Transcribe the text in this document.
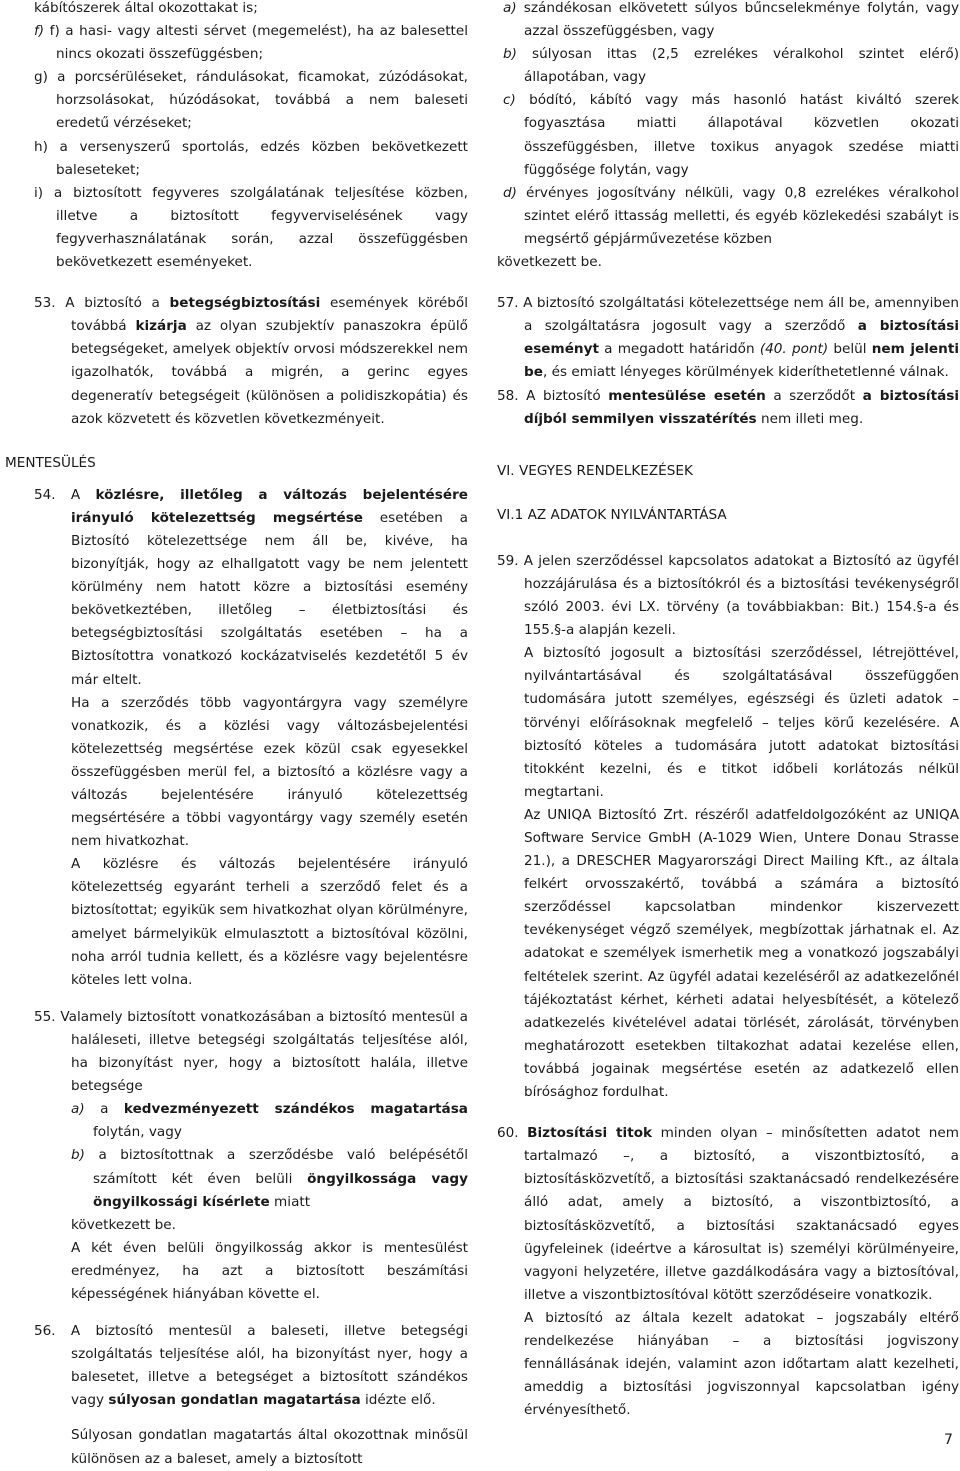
kábítószerek által okozottakat is;

f) f) a hasi- vagy altesti sérvet (megemelést), ha az balesettel nincs okozati összefüggésben;

g) a porcsérüléseket, rándulásokat, ficamokat, zúzódásokat, horzsolásokat, húzódásokat, továbbá a nem baleseti eredetű vérzéseket;

h) a versenyszerű sportolás, edzés közben bekövetkezett baleseteket;

i) a biztosított fegyveres szolgálatának teljesítése közben, illetve a biztosított fegyverviselésének vagy fegyverhasználatának során, azzal összefüggésben bekövetkezett eseményeket.

53. A biztosító a betegségbiztosítási események köréből továbbá kizárja az olyan szubjektív panaszokra épülő betegségeket, amelyek objektív orvosi módszerekkel nem igazolhatók, továbbá a migrén, a gerinc egyes degeneratív betegségeit (különösen a polidiszkopátia) és azok közvetett és közvetlen következményeit.

MENTESÜLÉS

54. A közlésre, illetőleg a változás bejelentésére irányuló kötelezettség megsértése esetében a Biztosító kötelezettsége nem áll be, kivéve, ha bizonyítják, hogy az elhallgatott vagy be nem jelentett körülmény nem hatott közre a biztosítási esemény bekövetkeztében, illetőleg – életbiztosítási és betegségbiztosítási szolgáltatás esetében – ha a Biztosítottra vonatkozó kockázatviselés kezdetétől 5 év már eltelt.

Ha a szerződés több vagyontárgyra vagy személyre vonatkozik, és a közlési vagy változásbejelentési kötelezettség megsértése ezek közül csak egyesekkel összefüggésben merül fel, a biztosító a közlésre vagy a változás bejelentésére irányuló kötelezettség megsértésére a többi vagyontárgy vagy személy esetén nem hivatkozhat.

A közlésre és változás bejelentésére irányuló kötelezettség egyaránt terheli a szerződő felet és a biztosítottat; egyikük sem hivatkozhat olyan körülményre, amelyet bármelyikük elmulasztott a biztosítóval közölni, noha arról tudnia kellett, és a közlésre vagy bejelentésre köteles lett volna.

55. Valamely biztosított vonatkozásában a biztosító mentesül a haláleseti, illetve betegségi szolgáltatás teljesítése alól, ha bizonyítást nyer, hogy a biztosított halála, illetve betegsége

a) a kedvezményezett szándékos magatartása folytán, vagy

b) a biztosítottnak a szerződésbe való belépésétől számított két éven belüli öngyilkossága vagy öngyilkossági kísérlete miatt

következett be.

A két éven belüli öngyilkosság akkor is mentesülést eredményez, ha azt a biztosított beszámítási képességének hiányában követte el.

56. A biztosító mentesül a baleseti, illetve betegségi szolgáltatás teljesítése alól, ha bizonyítást nyer, hogy a balesetet, illetve a betegséget a biztosított szándékos vagy súlyosan gondatlan magatartása idézte elő.

Súlyosan gondatlan magatartás által okozottnak minősül különösen az a baleset, amely a biztosított

a) szándékosan elkövetett súlyos bűncselekménye folytán, vagy azzal összefüggésben, vagy

b) súlyosan ittas (2,5 ezrelékes véralkohol szintet elérő) állapotában, vagy

c) bódító, kábító vagy más hasonló hatást kiváltó szerek fogyasztása miatti állapotával közvetlen okozati összefüggésben, illetve toxikus anyagok szedése miatti függősége folytán, vagy

d) érvényes jogosítvány nélküli, vagy 0,8 ezrelékes véralkohol szintet elérő ittasság melletti, és egyéb közlekedési szabályt is megsértő gépjárművezetése közben

következett be.

57. A biztosító szolgáltatási kötelezettsége nem áll be, amennyiben a szolgáltatásra jogosult vagy a szerződő a biztosítási eseményt a megadott határidőn (40. pont) belül nem jelenti be, és emiatt lényeges körülmények kideríthetetlenné válnak.

58. A biztosító mentesülése esetén a szerződőt a biztosítási díjból semmilyen visszatérítés nem illeti meg.

VI. VEGYES RENDELKEZÉSEK

VI.1 AZ ADATOK NYILVÁNTARTÁSA

59. A jelen szerződéssel kapcsolatos adatokat a Biztosító az ügyfél hozzájárulása és a biztosítókról és a biztosítási tevékenységről szóló 2003. évi LX. törvény (a továbbiakban: Bit.) 154.§-a és 155.§-a alapján kezeli.

A biztosító jogosult a biztosítási szerződéssel, létrejöttével, nyilvántartásával és szolgáltatásával összefüggően tudomására jutott személyes, egészségi és üzleti adatok – törvényi előírásoknak megfelelő – teljes körű kezelésére. A biztosító köteles a tudomására jutott adatokat biztosítási titokként kezelni, és e titkot időbeli korlátozás nélkül megtartani.

Az UNIQA Biztosító Zrt. részéről adatfeldolgozóként az UNIQA Software Service GmbH (A-1029 Wien, Untere Donau Strasse 21.), a DRESCHER Magyarországi Direct Mailing Kft., az általa felkért orvosszakértő, továbbá a számára a biztosító szerződéssel kapcsolatban mindenkor kiszervezett tevékenységet végző személyek, megbízottak járhatnak el. Az adatokat e személyek ismerhetik meg a vonatkozó jogszabályi feltételek szerint. Az ügyfél adatai kezeléséről az adatkezelőnél tájékoztatást kérhet, kérheti adatai helyesbítését, a kötelező adatkezelés kivételével adatai törlését, zárolását, törvényben meghatározott esetekben tiltakozhat adatai kezelése ellen, továbbá jogainak megsértése esetén az adatkezelő ellen bírósághoz fordulhat.

60. Biztosítási titok minden olyan – minősítetten adatot nem tartalmazó –, a biztosító, a viszontbiztosító, a biztosításközvetítő, a biztosítási szaktanácsadó rendelkezésére álló adat, amely a biztosító, a viszontbiztosító, a biztosításközvetítő, a biztosítási szaktanácsadó egyes ügyfeleinek (ideértve a károsultat is) személyi körülményeire, vagyoni helyzetére, illetve gazdálkodására vagy a biztosítóval, illetve a viszontbiztosítóval kötött szerződéseire vonatkozik.

A biztosító az általa kezelt adatokat – jogszabály eltérő rendelkezése hiányában – a biztosítási jogviszony fennállásának idején, valamint azon időtartam alatt kezelheti, ameddig a biztosítási jogviszonnyal kapcsolatban igény érvényesíthető.

7
